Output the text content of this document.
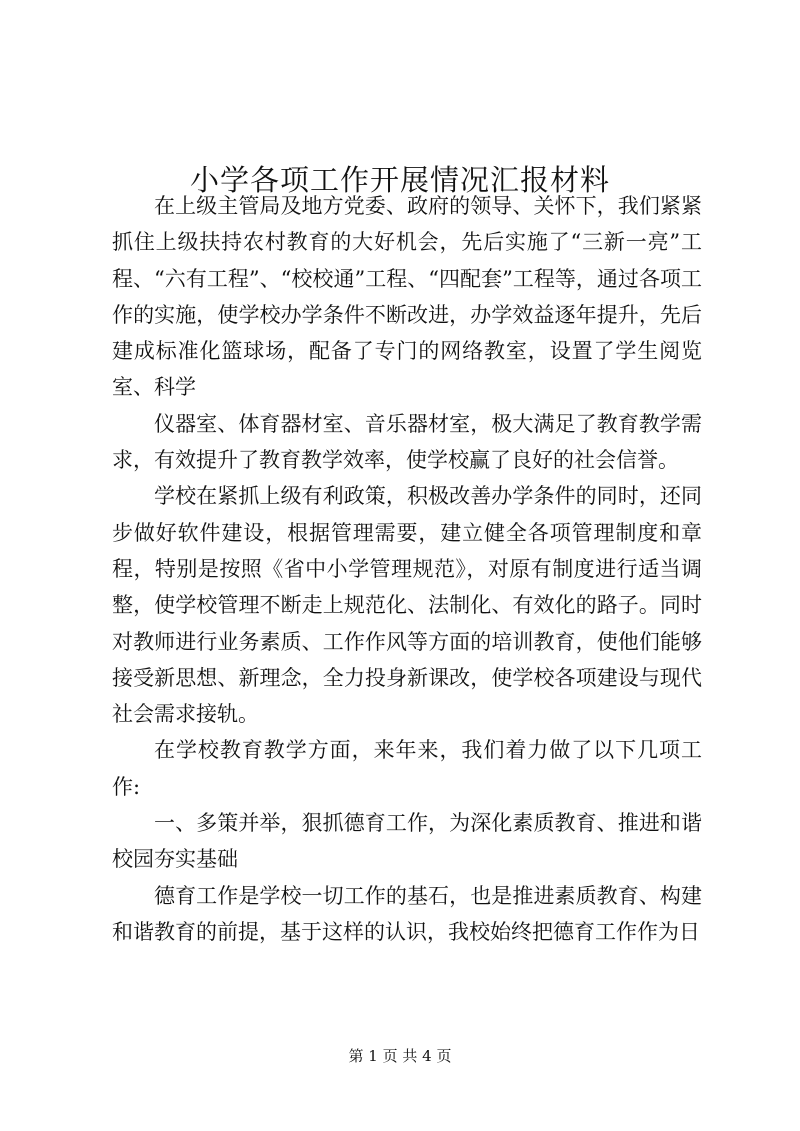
小学各项工作开展情况汇报材料

在上级主管局及地方党委、政府的领导、关怀下，我们紧紧抓住上级扶持农村教育的大好机会，先后实施了“三新一亮”工程、“六有工程”、“校校通”工程、“四配套”工程等，通过各项工作的实施，使学校办学条件不断改进，办学效益逐年提升，先后建成标准化篮球场，配备了专门的网络教室，设置了学生阅览室、科学

仪器室、体育器材室、音乐器材室，极大满足了教育教学需求，有效提升了教育教学效率，使学校赢了良好的社会信誉。

学校在紧抓上级有利政策，积极改善办学条件的同时，还同步做好软件建设，根据管理需要，建立健全各项管理制度和章程，特别是按照《省中小学管理规范》，对原有制度进行适当调整，使学校管理不断走上规范化、法制化、有效化的路子。同时对教师进行业务素质、工作作风等方面的培训教育，使他们能够接受新思想、新理念，全力投身新课改，使学校各项建设与现代社会需求接轨。

在学校教育教学方面，来年来，我们着力做了以下几项工作:

一、多策并举，狠抓德育工作，为深化素质教育、推进和谐校园夯实基础

德育工作是学校一切工作的基石，也是推进素质教育、构建和谐教育的前提，基于这样的认识，我校始终把德育工作作为日

第 1 页 共 4 页
